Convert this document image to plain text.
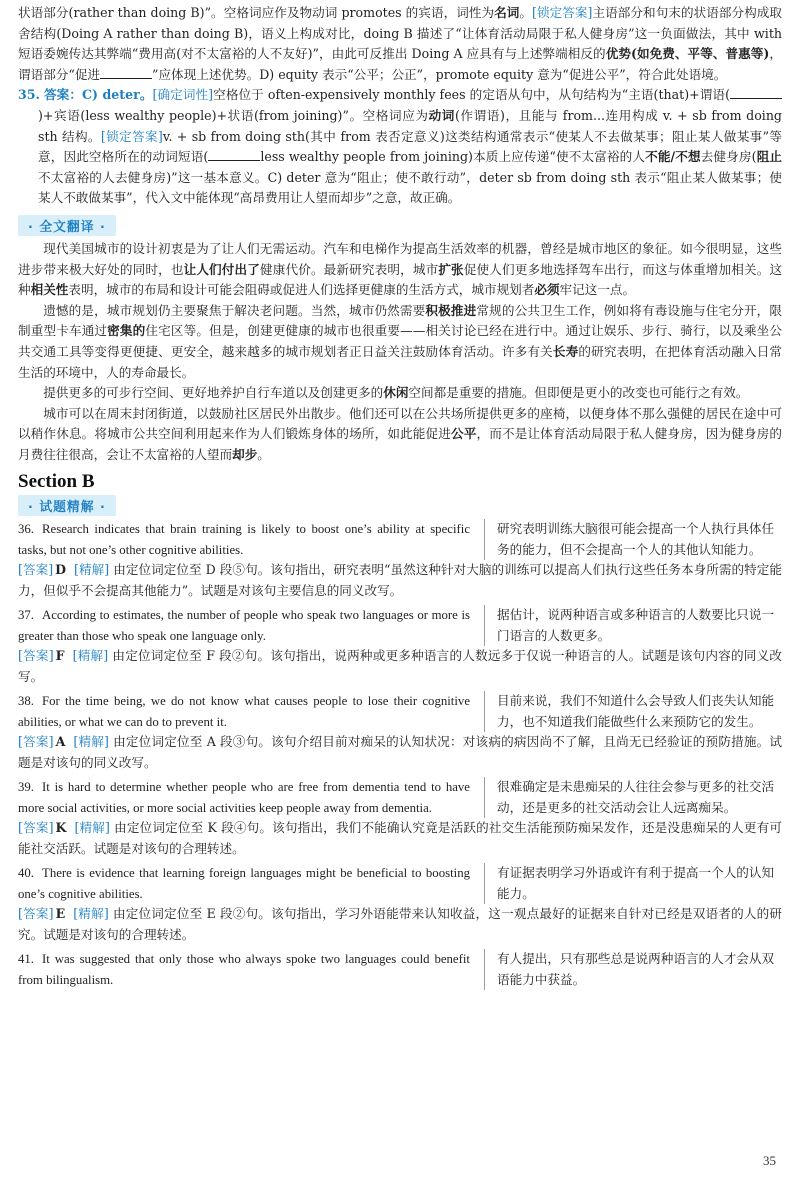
状语部分(rather than doing B)”。空格词应作及物动词 promotes 的宾语，词性为名词。[锁定答案]主语部分和句末的状语部分构成取舍结构(Doing A rather than doing B)，语义上构成对比，doing B 描述了“让体育活动局限于私人健身房”这一负面做法，其中 with 短语委婉传达其弊端“费用高(对不太富裕的人不友好)”，由此可反推出 Doing A 应具有与上述弊端相反的优势(如免费、平等、普惠等)，谓语部分“促进	”应体现上述优势。D) equity 表示“公平；公正”，promote equity 意为“促进公平”，符合此处语境。

35. 答案：C) deter。[确定词性]空格位于 often-expensively monthly fees 的定语从句中，从句结构为“主语(that)+谓语()+宾语(less wealthy people)+状语(from joining)”。空格词应为动词(作谓语)，且能与 from...连用构成 v. + sb from doing sth 结构。[锁定答案]v. + sb from doing sth(其中 from 表否定意义)这类结构通常表示“使某人不去做某事；阻止某人做某事”等意，因此空格所在的动词短语(	less wealthy people from joining)本质上应传递“使不太富裕的人不能/不想去健身房(阻止不太富裕的人去健身房)”这一基本意义。C) deter 意为“阻止；使不敢行动”，deter sb from doing sth 表示“阻止某人做某事；使某人不敢做某事”，代入文中能体现“高昂费用让人望而却步”之意，故正确。

· 全文翻译 ·

现代美国城市的设计初衷是为了让人们无需运动。汽车和电梯作为提高生活效率的机器，曾经是城市地区的象征。如今很明显，这些进步带来极大好处的同时，也让人们付出了健康代价。最新研究表明，城市扩张促使人们更多地选择驾车出行，而这与体重增加相关。这种相关性表明，城市的布局和设计可能会阻碍或促进人们选择更健康的生活方式，城市规划者必须牢记这一点。

遗憾的是，城市规划仍主要聚焦于解决老问题。当然，城市仍然需要积极推进常规的公共卫生工作，例如将有毒设施与住宅分开，限制重型卡车通过密集的住宅区等。但是，创建更健康的城市也很重要——相关讨论已经在进行中。通过让娱乐、步行、骑行，以及乘坐公共交通工具等变得更便捷、更安全，越来越多的城市规划者正日益关注鼓励体育活动。许多有关长寿的研究表明，在把体育活动融入日常生活的环境中，人的寿命最长。

提供更多的可步行空间、更好地养护自行车道以及创建更多的休闲空间都是重要的措施。但即便是更小的改变也可能行之有效。

城市可以在周末封闭街道，以鼓励社区居民外出散步。他们还可以在公共场所提供更多的座椅，以便身体不那么强健的居民在途中可以稍作休息。将城市公共空间利用起来作为人们锻炼身体的场所，如此能促进公平，而不是让体育活动局限于私人健身房，因为健身房的月费往往很高，会让不太富裕的人望而却步。

Section B
· 试题精解 ·
36. Research indicates that brain training is likely to boost one’s ability at specific tasks, but not one’s other cognitive abilities.
研究表明训练大脑很可能会提高一个人执行具体任务的能力，但不会提高一个人的其他认知能力。

[答案] D [精解] 由定位词定位至 D 段⑤句。该句指出，研究表明“虽然这种针对大脑的训练可以提高人们执行这些任务本身所需的特定能力，但似乎不会提高其他能力”。试题是对该句主要信息的同义改写。

37. According to estimates, the number of people who speak two languages or more is greater than those who speak one language only.
据估计，说两种语言或多种语言的人数要比只说一门语言的人数更多。

[答案] F [精解] 由定位词定位至 F 段②句。该句指出，说两种或更多种语言的人数远多于仅说一种语言的人。试题是该句内容的同义改写。

38. For the time being, we do not know what causes people to lose their cognitive abilities, or what we can do to prevent it.
目前来说，我们不知道什么会导致人们丧失认知能力，也不知道我们能做些什么来预防它的发生。

[答案] A [精解] 由定位词定位至 A 段③句。该句介绍目前对痴呆的认知状况：对该病的病因尚不了解，且尚无已经验证的预防措施。试题是对该句的同义改写。

39. It is hard to determine whether people who are free from dementia tend to have more social activities, or more social activities keep people away from dementia.
很难确定是未患痴呆的人往往会参与更多的社交活动，还是更多的社交活动会让人远离痴呆。

[答案] K [精解] 由定位词定位至 K 段④句。该句指出，我们不能确认究竟是活跃的社交生活能预防痴呆发作，还是没患痴呆的人更有可能社交活跃。试题是对该句的合理转述。

40. There is evidence that learning foreign languages might be beneficial to boosting one’s cognitive abilities.
有证据表明学习外语或许有利于提高一个人的认知能力。

[答案] E [精解] 由定位词定位至 E 段②句。该句指出，学习外语能带来认知收益，这一观点最好的证据来自针对已经是双语者的人的研究。试题是对该句的合理转述。

41. It was suggested that only those who always spoke two languages could benefit from bilingualism.
有人提出，只有那些总是说两种语言的人才会从双语能力中获益。
35
